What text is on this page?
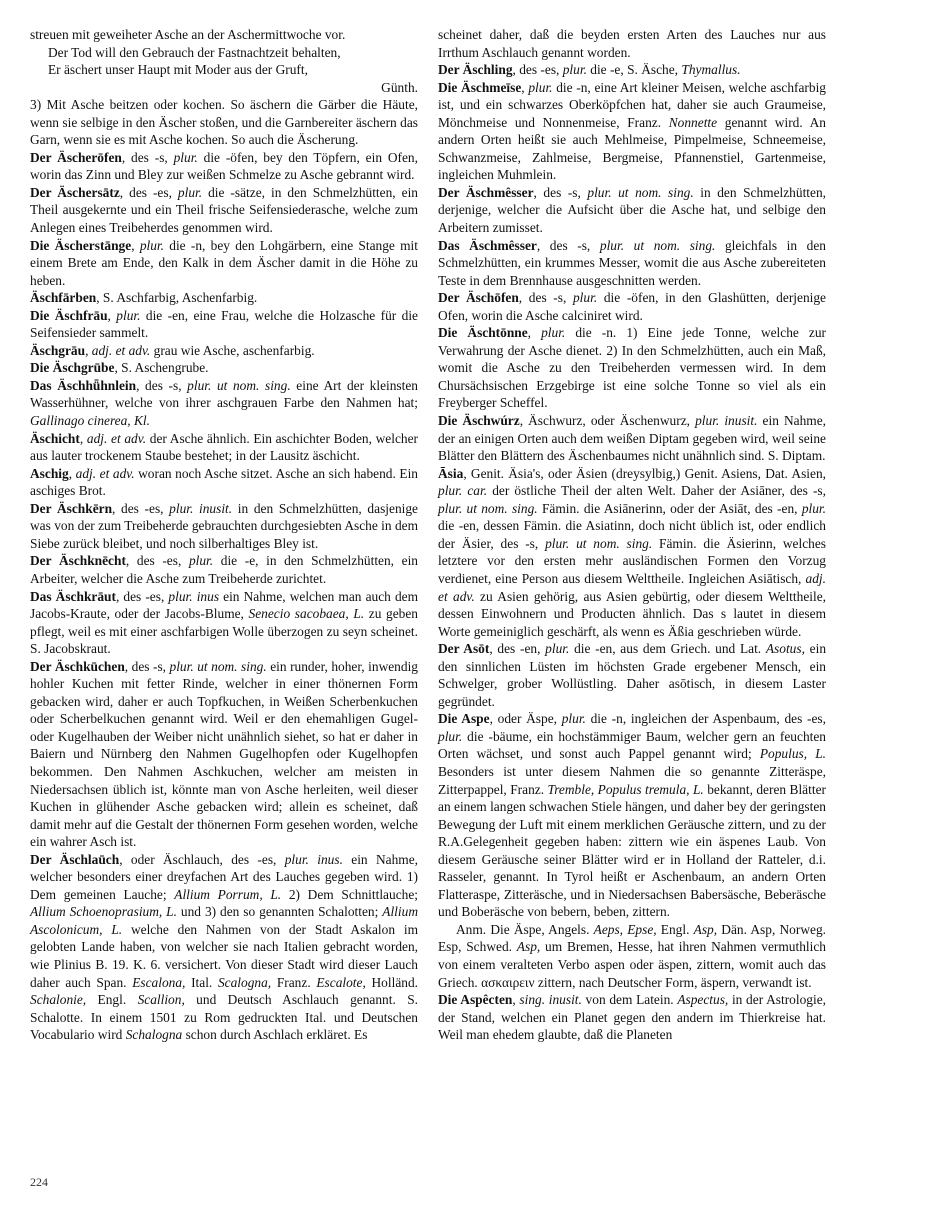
streuen mit geweiheter Asche an der Aschermittwoche vor.

Der Tod will den Gebrauch der Fastnachtzeit behalten,

Er äschert unser Haupt mit Moder aus der Gruft,

Günth.

3) Mit Asche beitzen oder kochen. So äschern die Gärber die Häute, wenn sie selbige in den Äscher stoßen, und die Garnbereiter äschern das Garn, wenn sie es mit Asche kochen. So auch die Äscherung.

Der Äscherōfen, des -s, plur. die -öfen, bey den Töpfern, ein Ofen, worin das Zinn und Bley zur weißen Schmelze zu Asche gebrannt wird.

Der Äschersātz, des -es, plur. die -sätze, in den Schmelzhütten, ein Theil ausgekernte und ein Theil frische Seifensiederasche, welche zum Anlegen eines Treibeherdes genommen wird.

Die Äscherstānge, plur. die -n, bey den Lohgärbern, eine Stange mit einem Brete am Ende, den Kalk in dem Äscher damit in die Höhe zu heben.

Äschfārben, S. Aschfarbig, Aschenfarbig.

Die Äschfrāu, plur. die -en, eine Frau, welche die Holzasche für die Seifensieder sammelt.

Äschgrāu, adj. et adv. grau wie Asche, aschenfarbig.

Die Äschgrūbe, S. Aschengrube.

Das Äschhǖhnlein, des -s, plur. ut nom. sing. eine Art der kleinsten Wasserhühner, welche von ihrer aschgrauen Farbe den Nahmen hat; Gallinago cinerea, Kl.

Äschicht, adj. et adv. der Asche ähnlich. Ein aschichter Boden, welcher aus lauter trockenem Staube bestehet; in der Lausitz äschicht.

Aschig, adj. et adv. woran noch Asche sitzet. Asche an sich habend. Ein aschiges Brot.

Der Äschkērn, des -es, plur. inusit. in den Schmelzhütten, dasjenige was von der zum Treibeherde gebrauchten durchgesiebten Asche in dem Siebe zurück bleibet, und noch silberhaltiges Bley ist.

Der Äschknēcht, des -es, plur. die -e, in den Schmelzhütten, ein Arbeiter, welcher die Asche zum Treibeherde zurichtet.

Das Äschkrāut, des -es, plur. inus ein Nahme, welchen man auch dem Jacobs-Kraute, oder der Jacobs-Blume, Senecio sacobaea, L. zu geben pflegt, weil es mit einer aschfarbigen Wolle überzogen zu seyn scheinet. S. Jacobskraut.

Der Äschkūchen, des -s, plur. ut nom. sing. ein runder, hoher, inwendig hohler Kuchen mit fetter Rinde, welcher in einer thönernen Form gebacken wird, daher er auch Topfkuchen, in Weißen Scherbenkuchen oder Scherbelkuchen genannt wird. Weil er den ehemahligen Gugel- oder Kugelhauben der Weiber nicht unähnlich siehet, so hat er daher in Baiern und Nürnberg den Nahmen Gugelhopfen oder Kugelhopfen bekommen. Den Nahmen Aschkuchen, welcher am meisten in Niedersachsen üblich ist, könnte man von Asche herleiten, weil dieser Kuchen in glühender Asche gebacken wird; allein es scheinet, daß damit mehr auf die Gestalt der thönernen Form gesehen worden, welche ein wahrer Asch ist.

Der Äschlaūch, oder Äschlauch, des -es, plur. inus. ein Nahme, welcher besonders einer dreyfachen Art des Lauches gegeben wird. 1) Dem gemeinen Lauche; Allium Porrum, L. 2) Dem Schnittlauche; Allium Schoenoprasium, L. und 3) den so genannten Schalotten; Allium Ascolonicum, L. welche den Nahmen von der Stadt Askalon im gelobten Lande haben, von welcher sie nach Italien gebracht worden, wie Plinius B. 19. K. 6. versichert. Von dieser Stadt wird dieser Lauch daher auch Span. Escalona, Ital. Scalogna, Franz. Escalote, Holländ. Schalonie, Engl. Scallion, und Deutsch Aschlauch genannt. S. Schalotte. In einem 1501 zu Rom gedruckten Ital. und Deutschen Vocabulario wird Schalogna schon durch Aschlach erkläret. Es

scheinet daher, daß die beyden ersten Arten des Lauches nur aus Irrthum Aschlauch genannt worden.

Der Äschling, des -es, plur. die -e, S. Äsche, Thymallus.

Die Äschmeīse, plur. die -n, eine Art kleiner Meisen, welche aschfarbig ist, und ein schwarzes Oberköpfchen hat, daher sie auch Graumeise, Mönchmeise und Nonnenmeise, Franz. Nonnette genannt wird. An andern Orten heißt sie auch Mehlmeise, Pimpelmeise, Schneemeise, Schwanzmeise, Zahlmeise, Bergmeise, Pfannenstiel, Gartenmeise, ingleichen Muhmlein.

Der Äschmêsser, des -s, plur. ut nom. sing. in den Schmelzhütten, derjenige, welcher die Aufsicht über die Asche hat, und selbige den Arbeitern zumisset.

Das Äschmêsser, des -s, plur. ut nom. sing. gleichfals in den Schmelzhütten, ein krummes Messer, womit die aus Asche zubereiteten Teste in dem Brennhause ausgeschnitten werden.

Der Äschōfen, des -s, plur. die -öfen, in den Glashütten, derjenige Ofen, worin die Asche calciniret wird.

Die Äschtōnne, plur. die -n. 1) Eine jede Tonne, welche zur Verwahrung der Asche dienet. 2) In den Schmelzhütten, auch ein Maß, womit die Asche zu den Treibeherden vermessen wird. In dem Chursächsischen Erzgebirge ist eine solche Tonne so viel als ein Freyberger Scheffel.

Die Äschwúrz, Äschwurz, oder Äschenwurz, plur. inusit. ein Nahme, der an einigen Orten auch dem weißen Diptam gegeben wird, weil seine Blätter den Blättern des Äschenbaumes nicht unähnlich sind. S. Diptam.

Āsia, Genit. Äsia's, oder Äsien (dreysylbig,) Genit. Asiens, Dat. Asien, plur. car. der östliche Theil der alten Welt. Daher der Asiāner, des -s, plur. ut nom. sing. Fämin. die Asiānerinn, oder der Asiāt, des -en, plur. die -en, dessen Fämin. die Asiatinn, doch nicht üblich ist, oder endlich der Äsier, des -s, plur. ut nom. sing. Fämin. die Äsierinn, welches letztere vor den ersten mehr ausländischen Formen den Vorzug verdienet, eine Person aus diesem Welttheile. Ingleichen Asiātisch, adj. et adv. zu Asien gehörig, aus Asien gebürtig, oder diesem Welttheile, dessen Einwohnern und Producten ähnlich. Das s lautet in diesem Worte gemeiniglich geschärft, als wenn es Äßia geschrieben würde.

Der Asōt, des -en, plur. die -en, aus dem Griech. und Lat. Asotus, ein den sinnlichen Lüsten im höchsten Grade ergebener Mensch, ein Schwelger, grober Wollüstling. Daher asōtisch, in diesem Laster gegründet.

Die Aspe, oder Äspe, plur. die -n, ingleichen der Aspenbaum, des -es, plur. die -bäume, ein hochstämmiger Baum, welcher gern an feuchten Orten wächset, und sonst auch Pappel genannt wird; Populus, L. Besonders ist unter diesem Nahmen die so genannte Zitteräspe, Zitterpappel, Franz. Tremble, Populus tremula, L. bekannt, deren Blätter an einem langen schwachen Stiele hängen, und daher bey der geringsten Bewegung der Luft mit einem merklichen Geräusche zittern, und zu der R.A.Gelegenheit gegeben haben: zittern wie ein äspenes Laub. Von diesem Geräusche seiner Blätter wird er in Holland der Ratteler, d.i. Rasseler, genannt. In Tyrol heißt er Aschenbaum, an andern Orten Flatteraspe, Zitteräsche, und in Niedersachsen Babersäsche, Beberäsche und Boberäsche von bebern, beben, zittern.

Anm. Die Äspe, Angels. Aeps, Epse, Engl. Asp, Dän. Asp, Norweg. Esp, Schwed. Asp, um Bremen, Hesse, hat ihren Nahmen vermuthlich von einem veralteten Verbo aspen oder äspen, zittern, womit auch das Griech. ασκαιρειν zittern, nach Deutscher Form, äspern, verwandt ist.

Die Aspêcten, sing. inusit. von dem Latein. Aspectus, in der Astrologie, der Stand, welchen ein Planet gegen den andern im Thierkreise hat. Weil man ehedem glaubte, daß die Planeten

224
